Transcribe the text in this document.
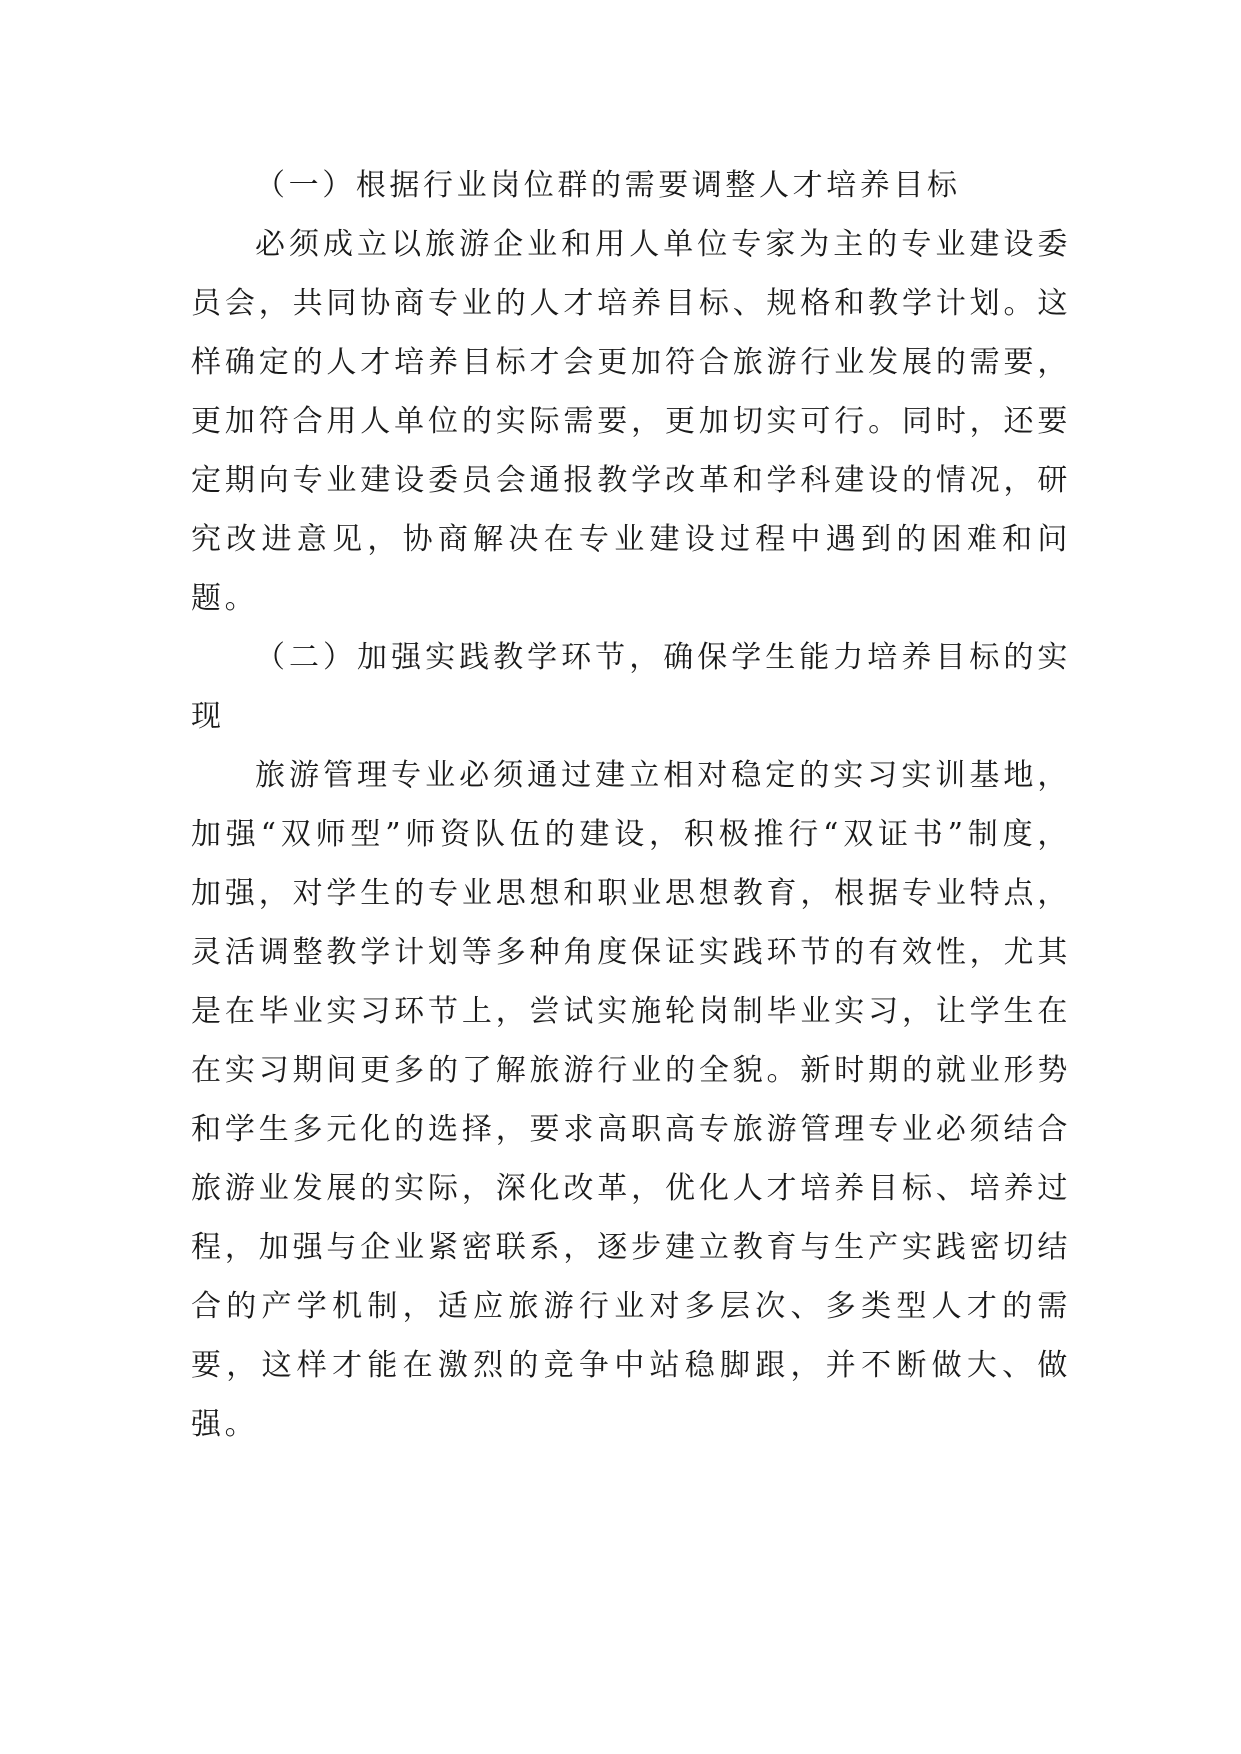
（一）根据行业岗位群的需要调整人才培养目标

必须成立以旅游企业和用人单位专家为主的专业建设委员会，共同协商专业的人才培养目标、规格和教学计划。这样确定的人才培养目标才会更加符合旅游行业发展的需要，更加符合用人单位的实际需要，更加切实可行。同时，还要定期向专业建设委员会通报教学改革和学科建设的情况，研究改进意见，协商解决在专业建设过程中遇到的困难和问题。

（二）加强实践教学环节，确保学生能力培养目标的实现

旅游管理专业必须通过建立相对稳定的实习实训基地，加强“双师型”师资队伍的建设，积极推行“双证书”制度，加强，对学生的专业思想和职业思想教育，根据专业特点，灵活调整教学计划等多种角度保证实践环节的有效性，尤其是在毕业实习环节上，尝试实施轮岗制毕业实习，让学生在在实习期间更多的了解旅游行业的全貌。新时期的就业形势和学生多元化的选择，要求高职高专旅游管理专业必须结合旅游业发展的实际，深化改革，优化人才培养目标、培养过程，加强与企业紧密联系，逐步建立教育与生产实践密切结合的产学机制，适应旅游行业对多层次、多类型人才的需要，这样才能在激烈的竞争中站稳脚跟，并不断做大、做强。
